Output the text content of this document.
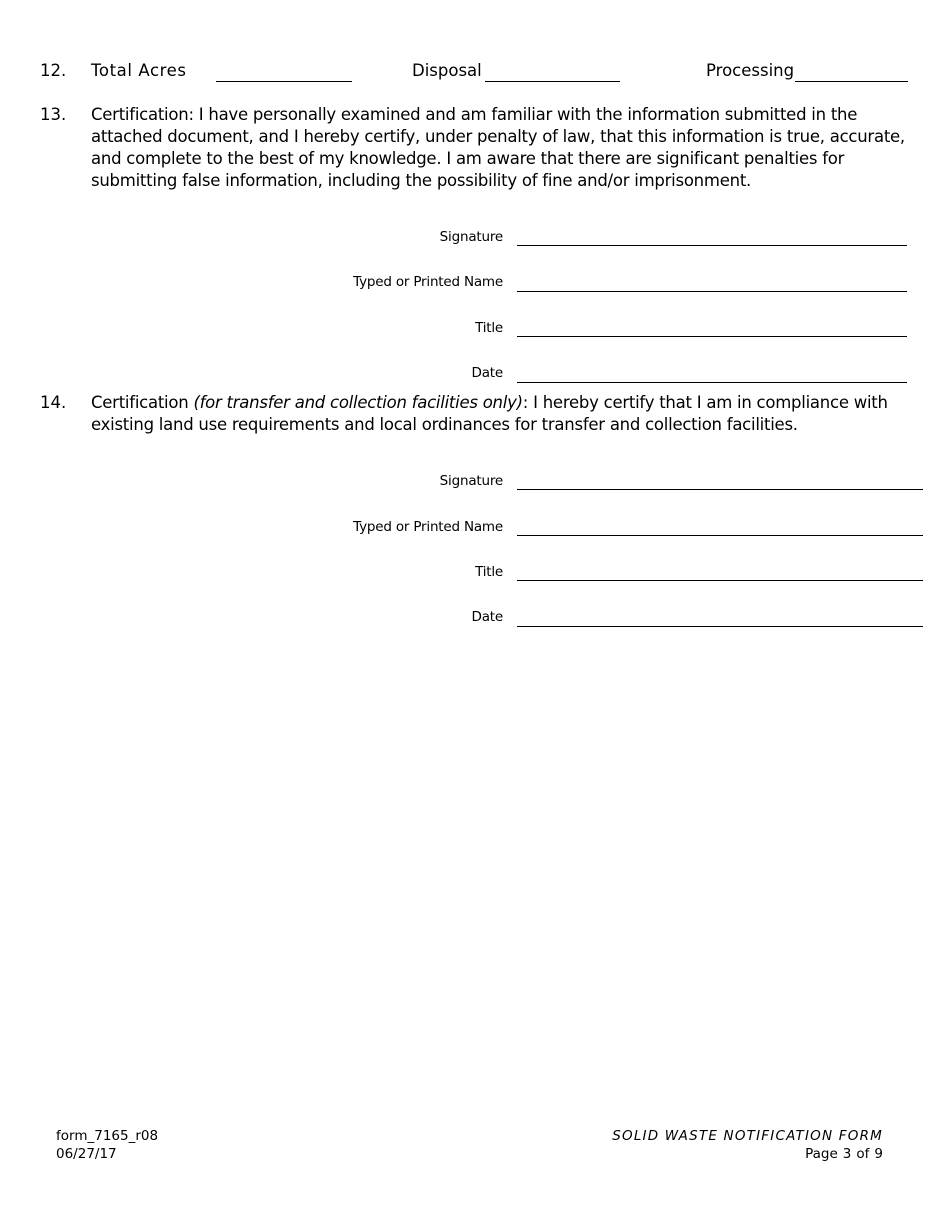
12. Total Acres	Disposal	Processing
13. Certification: I have personally examined and am familiar with the information submitted in the attached document, and I hereby certify, under penalty of law, that this information is true, accurate, and complete to the best of my knowledge. I am aware that there are significant penalties for submitting false information, including the possibility of fine and/or imprisonment.
Signature
Typed or Printed Name
Title
Date
14. Certification (for transfer and collection facilities only): I hereby certify that I am in compliance with existing land use requirements and local ordinances for transfer and collection facilities.
Signature
Typed or Printed Name
Title
Date
form_7165_r08
06/27/17
SOLID WASTE NOTIFICATION FORM
Page 3 of 9
